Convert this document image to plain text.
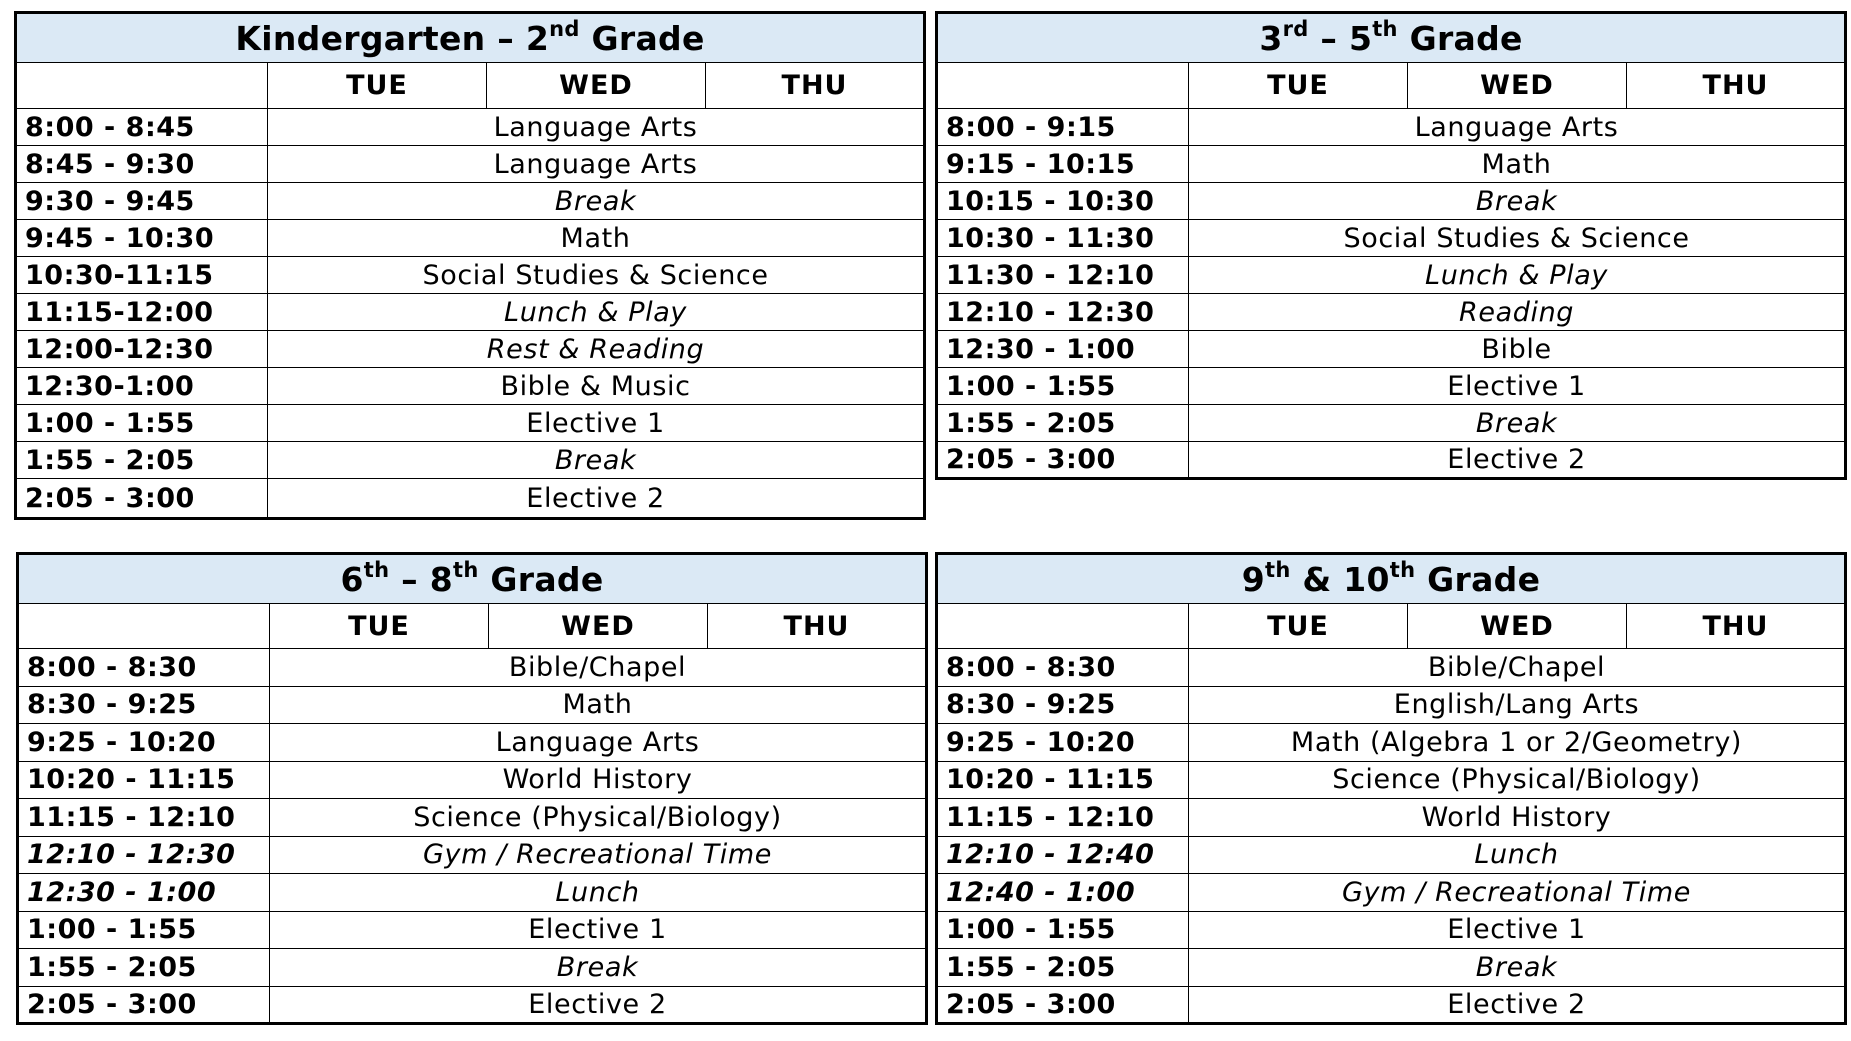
Kindergarten – 2nd Grade			
	TUE	WED	THU
8:00 - 8:45	Language Arts		
8:45 - 9:30	Language Arts		
9:30 - 9:45	Break		
9:45 - 10:30	Math		
10:30-11:15	Social Studies & Science		
11:15-12:00	Lunch & Play		
12:00-12:30	Rest & Reading		
12:30-1:00	Bible & Music		
1:00 - 1:55	Elective 1		
1:55 - 2:05	Break		
2:05 - 3:00	Elective 2		
3rd – 5th Grade			
	TUE	WED	THU
8:00 - 9:15	Language Arts		
9:15 - 10:15	Math		
10:15 - 10:30	Break		
10:30 - 11:30	Social Studies & Science		
11:30 - 12:10	Lunch & Play		
12:10 - 12:30	Reading		
12:30 - 1:00	Bible		
1:00 - 1:55	Elective 1		
1:55 - 2:05	Break		
2:05 - 3:00	Elective 2		
6th – 8th Grade			
	TUE	WED	THU
8:00 - 8:30	Bible/Chapel		
8:30 - 9:25	Math		
9:25 - 10:20	Language Arts		
10:20 - 11:15	World History		
11:15 - 12:10	Science (Physical/Biology)		
12:10 - 12:30	Gym / Recreational Time		
12:30 - 1:00	Lunch		
1:00 - 1:55	Elective 1		
1:55 - 2:05	Break		
2:05 - 3:00	Elective 2		
9th & 10th Grade			
	TUE	WED	THU
8:00 - 8:30	Bible/Chapel		
8:30 - 9:25	English/Lang Arts		
9:25 - 10:20	Math (Algebra 1 or 2/Geometry)		
10:20 - 11:15	Science (Physical/Biology)		
11:15 - 12:10	World History		
12:10 - 12:40	Lunch		
12:40 - 1:00	Gym / Recreational Time		
1:00 - 1:55	Elective 1		
1:55 - 2:05	Break		
2:05 - 3:00	Elective 2		
